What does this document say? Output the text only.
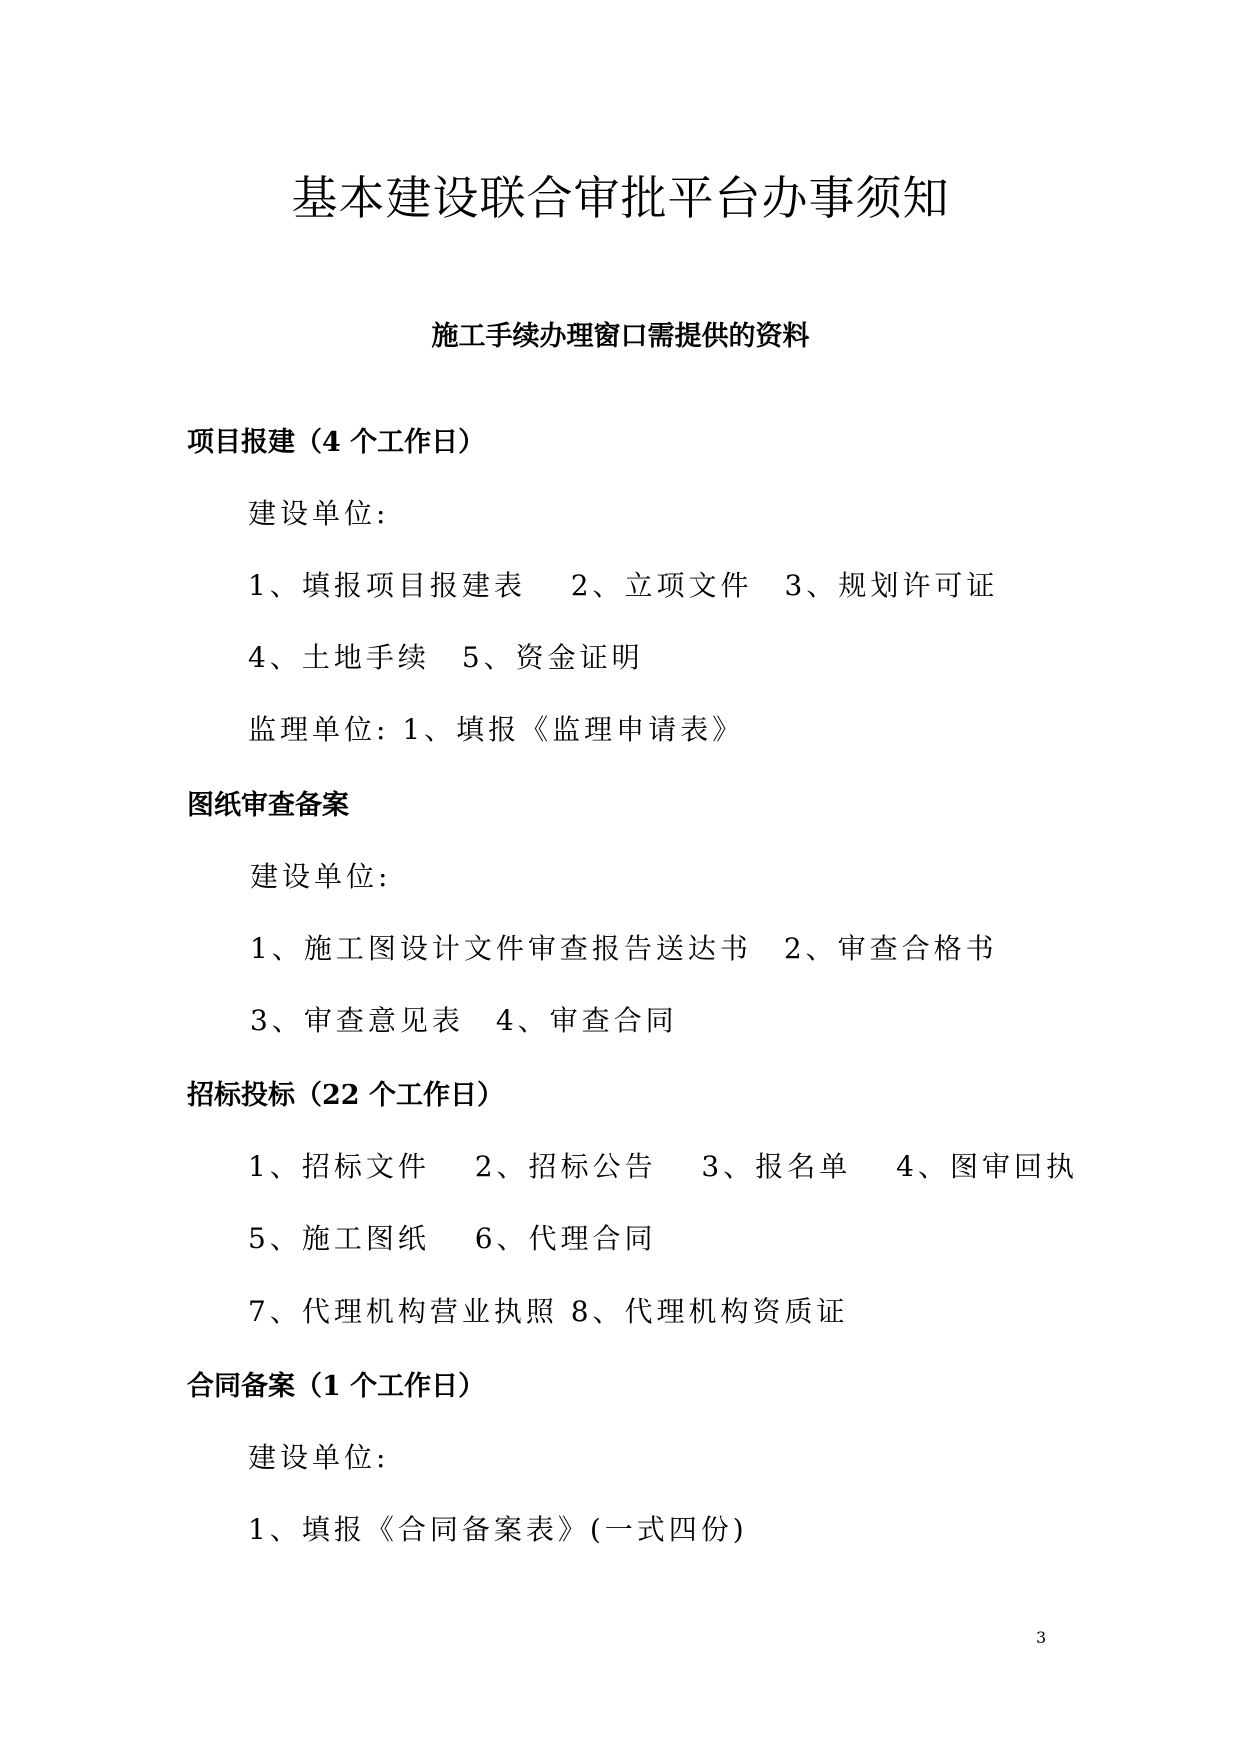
基本建设联合审批平台办事须知
施工手续办理窗口需提供的资料
项目报建（4 个工作日）

建设单位:

1、填报项目报建表 　2、立项文件　3、规划许可证

4、土地手续　5、资金证明

监理单位: 1、填报《监理申请表》

图纸审查备案

建设单位:

1、施工图设计文件审查报告送达书　2、审查合格书

3、审查意见表　4、审查合同

招标投标（22 个工作日）

1、招标文件 　2、招标公告 　3、报名单 　4、图审回执

5、施工图纸 　6、代理合同

7、代理机构营业执照 8、代理机构资质证

合同备案（1 个工作日）

建设单位:

1、填报《合同备案表》(一式四份)

3
